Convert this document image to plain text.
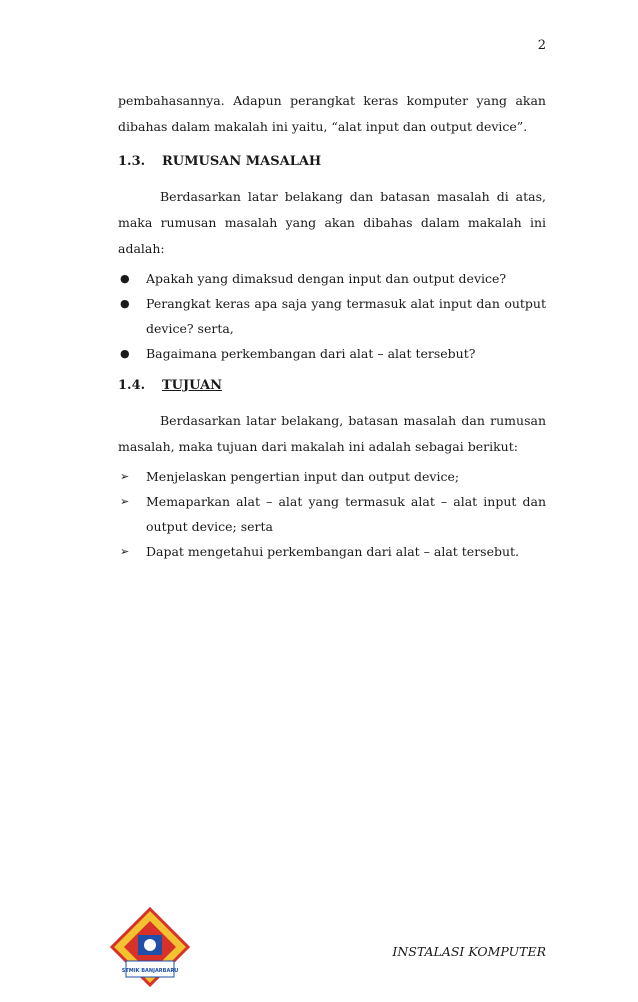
2

pembahasannya. Adapun perangkat keras komputer yang akan dibahas dalam makalah ini yaitu, “alat input dan output device”.

1.3.	RUMUSAN MASALAH

Berdasarkan latar belakang dan batasan masalah di atas, maka rumusan masalah yang akan dibahas dalam makalah ini adalah:

● Apakah yang dimaksud dengan input dan output device?
● Perangkat keras apa saja yang termasuk alat input dan output device? serta,
● Bagaimana perkembangan dari alat – alat tersebut?
1.4.	TUJUAN

Berdasarkan latar belakang, batasan masalah dan rumusan masalah, maka tujuan dari makalah ini adalah sebagai berikut:

➢ Menjelaskan pengertian input dan output device;
➢ Memaparkan alat – alat yang termasuk alat – alat input dan output device; serta
➢ Dapat mengetahui perkembangan dari alat – alat tersebut.
STMIK BANJARBARU
INSTALASI KOMPUTER
